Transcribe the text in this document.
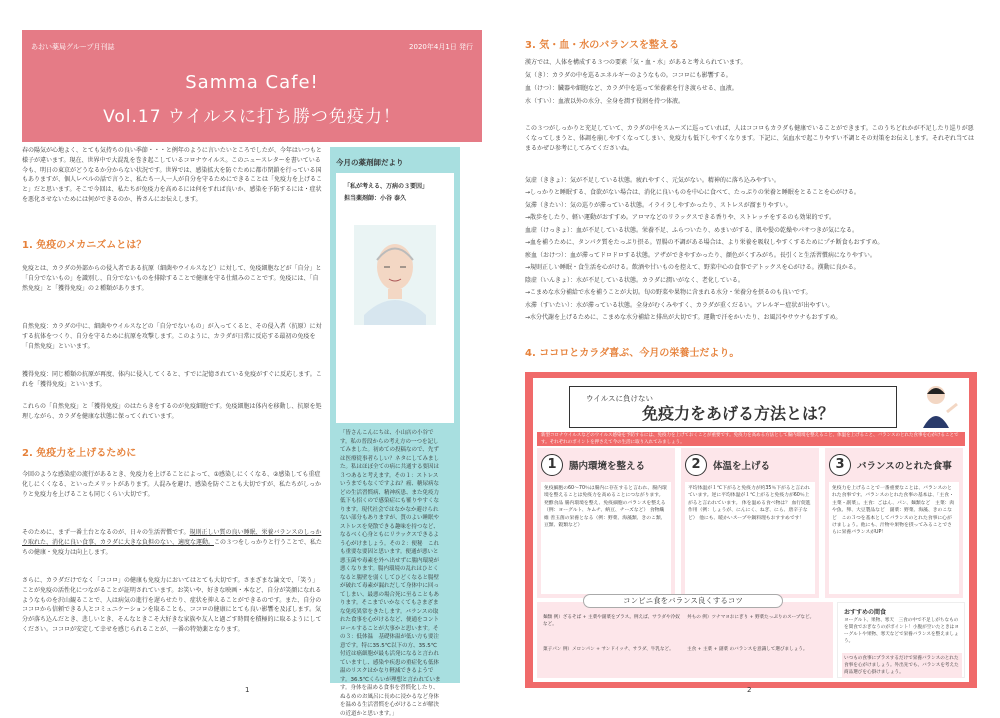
あおい薬局グループ月刊誌	2020年4月1日 発行
Samma Cafe!
Vol.17 ウイルスに打ち勝つ免疫力！
春の陽気が心地よく、とても気持ちの良い季節・・・と例年のように言いたいところでしたが、今年はいつもと様子が違います。現在、世界中で大混乱を巻き起こしているコロナウイルス。このニュースレターを書いている今も、明日の東京がどうなるか分からない状況です。世界では、感染拡大を防ぐために都市閉鎖を行っている国もありますが、個人レベルの話で言うと、私たち一人一人が自分を守るためにできることは「免疫力を上げること」だと思います。そこで今回は、私たちが免疫力を高めるには何をすれば良いか、感染を予防するには・症状を悪化させないためには何ができるのか、皆さんにお伝えします。
1. 免疫のメカニズムとは？
免疫とは、カラダの外部からの侵入者である抗原（細菌やウイルスなど）に対して、免疫細胞などが「自分」と「自分でないもの」を識別し、自分でないものを排除することで健康を守る仕組みのことです。免疫には、「自然免疫」と「獲得免疫」の２種類があります。
自然免疫：カラダの中に、細菌やウイルスなどの「自分でないもの」が入ってくると、その侵入者（抗原）に対する抗体をつくり、自分を守るために抗原を攻撃します。このように、カラダが日常に反応する最初の免疫を「自然免疫」といいます。
獲得免疫：同じ種類の抗原が再度、体内に侵入してくると、すでに記憶されている免疫がすぐに反応します。これを「獲得免疫」といいます。
これらの「自然免疫」と「獲得免疫」のはたらきをするのが免疫細胞です。免疫細胞は体内を移動し、抗原を処理しながら、カラダを健康な状態に保ってくれています。
2. 免疫力を上げるために
今回のような感染症の流行があるとき、免疫力を上げることによって、①感染しにくくなる、②感染しても重症化しにくくなる、といったメリットがあります。人混みを避け、感染を防ぐことも大切ですが、私たちがしっかりと免疫力を上げることも同じくらい大切です。
そのために、まず一番土台となるのが、日々の生活習慣です。規則正しい質の良い睡眠、栄養バランスのしっかり取れた、消化に良い食事、カラダに大きな負担のない、適度な運動。この３つをしっかりと行うことで、私たちの健康・免疫力は向上します。
さらに、カラダだけでなく「ココロ」の健康も免疫力においてはとても大切です。さまざまな論文で、「笑う」ことが免疫の活性化につながることが証明されています。お笑いや、好きな映画・本など、自分が笑顔になれるようなものを沢山観ることで、人は病気の進行を遅らせたり、症状を抑えることができるのです。また、自分のココロから信頼できる人とコミュニケーションを取ることも、ココロの健康にとても良い影響を及ぼします。気分が落ち込んだとき、悲しいとき、そんなときこそ大好きな家族や友人と過ごす時間を積極的に取るようにしてください。ココロが安定して幸せを感じられることが、一番の特効薬となります。
今月の薬剤師だより
「私が考える、万病の３要因」
担当薬剤師：小谷 泰久
「皆さんこんにちは、小山店の小谷です。私の普段からの考え方の一つを記してみました。初めての投稿なので、先ずは医療従事者らしい？ネタにしてみました。私はほぼ全ての病に共通する要因は３つあると考えます。その１：ストレス　いうまでもなくですよね？癌、糖尿病などの生活習慣病、精神疾患、また免疫力低下も招くので感染症にも罹りやすくなります。現代社会ではなかなか避けられない部分もありますが、質のよい睡眠やストレスを発散できる趣味を持つなど、なるべく心身ともにリラックスできるよう心がけましょう。その２：便秘　これも重要な要因と思います。便通が悪いと悪玉菌や毒素を外へ出せずに腸内環境が悪くなります。腸内環境の乱れはひとくなると腸壁を弱くしてひどくなると腸壁が破れて毒素が漏れだして身体中に回ってしまい、最悪の場合死に至ることもあります。そこまでいかなくてもさまざまな免疫異常をきたします。バランスの取れた食事を心がけるなど、便通をコントロールすることが大事かと思います。その３：低体温　基礎体温が低い方も要注意です。特に35.5℃以下の方、35.5℃付近は癌細胞が最も活発になると言われていますし、感染や疾患の重症化も低体温のリスクはかなり軽減できるようです。36.5℃くらいが理想と言われています。身体を温める食事を習慣化したり、ぬるめのお風呂に長めに浸かるなど身体を温める生活習慣を心がけることが解決の近道かと思います。」
1
3. 気・血・水のバランスを整える
漢方では、人体を構成する３つの要素「気・血・水」があると考えられています。
気（き）：カラダの中を巡るエネルギーのようなもの。ココロにも影響する。
血（けつ）：臓器や細胞など、カラダ中を巡って栄養素を行き渡らせる、血液。
水（すい）：血液以外の水分、全身を潤す役割を持つ体液。
この３つがしっかりと充足していて、カラダの中をスムーズに巡っていれば、人はココロもカラダも健康でいることができます。このうちどれかが不足したり巡りが悪くなってしまうと、体調を崩しやすくなってしまい、免疫力も低下しやすくなります。下記に、気血水で起こりやすい不調とその対策をお伝えします。それぞれ当てはまるかぜひ参考にしてみてくださいね。
気虚（ききょ）：気が不足している状態。疲れやすく、元気がない。精神的に落ち込みやすい。
→しっかりと睡眠する、食欲がない場合は、消化に良いものを中心に食べて、たっぷりの栄養と睡眠をとることを心がける。
気滞（きたい）：気の巡りが滞っている状態。イライラしやすかったり、ストレスが溜まりやすい。
→散歩をしたり、軽い運動がおすすめ。アロマなどのリラックスできる香りや、ストレッチをするのも効果的です。
血虚（けっきょ）：血が不足している状態。栄養不足、ふらついたり、めまいがする、肌や髪の乾燥やパサつきが気になる。
→血を補うために、タンパク質をたっぷり摂る。胃腸の不調がある場合は、より栄養を吸収しやすくするためにプチ断食もおすすめ。
瘀血（おけつ）：血が滞ってドロドロする状態。アザができやすかったり、顔色がくすみがち。長引くと生活習慣病になりやすい。
→規則正しい睡眠・食生活を心がける。飲酒や甘いものを控えて、野菜中心の食事でデトックスを心がける。漢動に良かる。
陰虚（いんきょ）：水が不足している状態。カラダに潤いがなく、老化している。
→こまめな水分補給で水を補うことが大切。旬の野菜や果物に含まれる水分・栄養分を摂るのも良いです。
水滞（すいたい）：水が滞っている状態。全身がむくみやすく、カラダが重くだるい。アレルギー症状が出やすい。
→水分代謝を上げるために、こまめな水分補給と排出が大切です。運動で汗をかいたり、お風呂やサウナもおすすめ。
4. ココロとカラダ喜ぶ、今月の栄養士だより。
ウイルスに負けない
免疫力をあげる方法とは？
新型コロナウイルスなどのウイルス感染を予防するには、免疫力を上げておくことが重要です。免疫力を高める方法として腸内環境を整えること、体温を上げること、バランスのとれた食事を心がけることです。それぞれのポイントを押さえて今の生活に取り入れてみましょう。
1	腸内環境を整える
免疫細胞の60〜70％は腸内に存在すると言われ、腸内環境を整えることは免疫力を高めることにつながります。 発酵食品 腸内環境を整え、免疫細胞のバランスを整える（例：ヨーグルト、キムチ、納豆、チーズなど） 食物繊維 善玉菌の栄養となる（例：野菜、海藻類、きのこ類、豆類、穀類など）
2	体温を上げる
平均体温が１℃下がると免疫力が約35％下がると言われています。逆に平均体温が１℃上がると免疫力が60％上がると言われています。 体を温める食べ物は？ 血行促進作用（例：しょうが、にんにく、ねぎ、にら、唐辛子など） 他にも、暖かいスープや鍋料理もおすすめです！
3	バランスのとれた食事
免疫力を上げることで一番重要なことは、バランスのとれた食事です。バランスのとれた食事の基本は、「主食・主菜・副菜」。主食：ごはん、パン、麺類など　主菜：肉や魚、卵、大豆製品など　副菜：野菜、海藻、きのこなど　この３つを基本としてバランスのとれた食事に心がけましょう。他にも、汁物や果物を摂ってみることでさらに栄養バランスがUP！
コンビニ食をバランス良くするコツ
麺類 例）ざるそば + 主菜や副菜をプラス。例えば、サラダや冷奴など。
丼もの 例）ツナマヨおにぎり + 野菜たっぷりのスープなど。
菓子パン 例）メロンパン + サンドイッチ、サラダ、牛乳など。	主食 + 主菜 + 副菜 のバランスを意識して選びましょう。
おすすめの間食
ヨーグルト、果物、寒天　三食の中で不足しがちなものを間食でおぎなうのがポイント！小腹が空いたときはヨーグルトや果物、寒天などで栄養バランスを整えましょう。
いつもの食事にプラスするだけで栄養バランスのとれた食事を心がけましょう。外出先でも、バランスを考えた商品選びを心掛けましょう。
2
